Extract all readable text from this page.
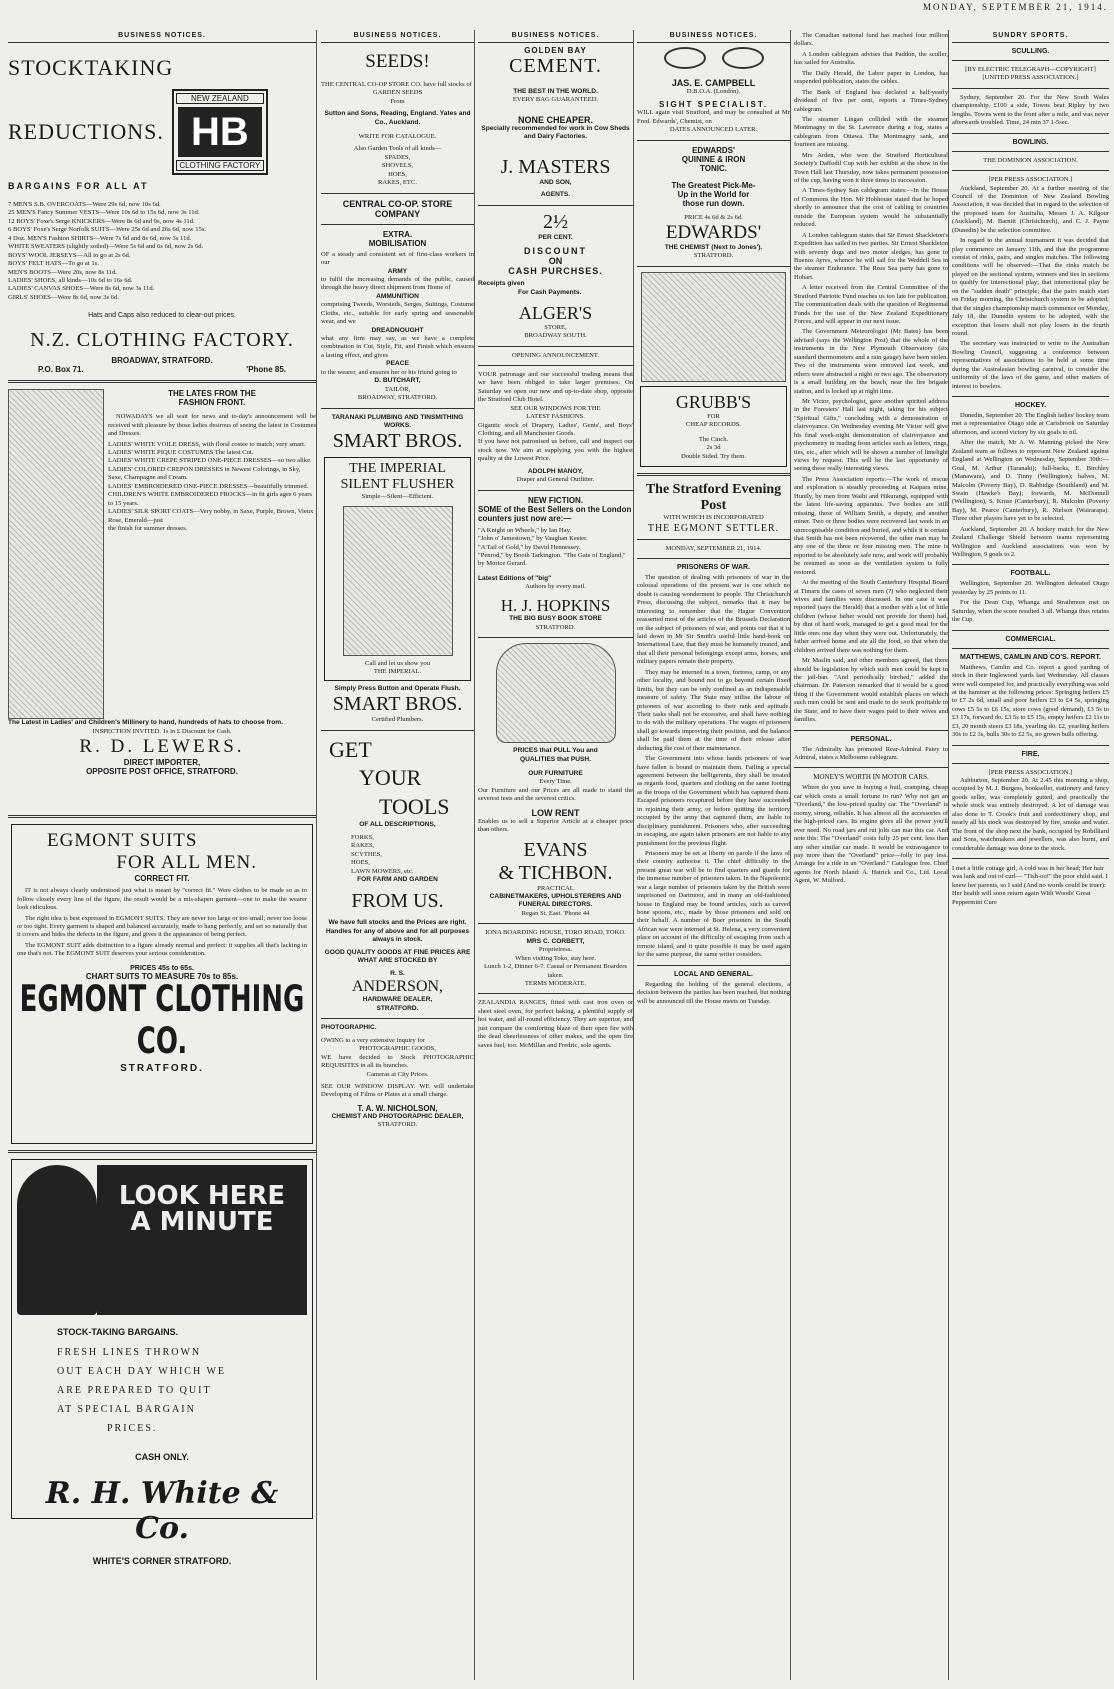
MONDAY, SEPTEMBER 21, 1914.
BUSINESS NOTICES.
STOCKTAKING
REDUCTIONS.
NEW ZEALAND
HB
CLOTHING FACTORY
BARGAINS FOR ALL AT
7 MEN'S S.B. OVERCOATS—Were 29s 6d, now 10s 6d.
25 MEN'S Fancy Summer VESTS—Were 10s 6d to 15s 6d, now 3s 11d.
12 BOYS' Foxe's Serge KNICKERS—Were 8s 6d and 9s, now 4s 11d.
6 BOYS' Foxe's Serge Norfolk SUITS—Were 25s 6d and 26s 6d, now 15s.
4 Doz. MEN'S Fashion SHIRTS—Were 7s 6d and 8s 6d, now 3s 11d.
WHITE SWEATERS (slightly soiled)—Were 5s 6d and 6s 6d, now 2s 6d.
BOYS' WOOL JERSEYS—All to go at 2s 6d.
BOYS' FELT HATS—To go at 1s.
MEN'S BOOTS—Were 20s, now 8s 11d.
LADIES' SHOES, all kinds—10s 6d to 16s 6d.
LADIES' CANVAS SHOES—Were 8s 6d, now 3s 11d.
GIRLS' SHOES—Were 8s 6d, now 3s 6d.
Hats and Caps also reduced to clear-out prices.
N.Z. CLOTHING FACTORY.
BROADWAY, STRATFORD.
P.O. Box 71.	'Phone 85.
THE LATES FROM THE
FASHION FRONT.
NOWADAYS we all wait for news and to-day's announcement will be received with pleasure by those ladies desirous of seeing the latest in Costumes and Dresses.
LADIES' WHITE VOILE DRESS, with floral costee to match; very smart.
LADIES' WHITE PIQUE COSTUMES The latest Cut.
LADIES' WHITE CREPE STRIPED ONE-PIECE DRESSES—so two alike.
LADIES' COLORED CREPON DRESSES in Newest Colorings, in Sky, Saxe, Champagne and Cream.
LADIES' EMBROIDERED ONE-PIECE DRESSES—beautifully trimmed.
CHILDREN'S WHITE EMBROIDERED FROCKS—in fit girls ages 6 years to 15 years.
LADIES' SILK SPORT COATS—Very nobby, in Saxe, Purple, Brown, Vieux Rose, Emerald—just
the finish for summer dresses.
The Latest in Ladies' and Children's Millinery to hand, hundreds of hats to choose from.
INSPECTION INVITED. 1s in £ Discount for Cash.
R. D. LEWERS.
DIRECT IMPORTER,
OPPOSITE POST OFFICE, STRATFORD.
EGMONT SUITS
FOR ALL MEN.
CORRECT FIT.
IT is not always clearly understood just what is meant by "correct fit." Were clothes to be made so as to follow closely every line of the figure, the result would be a mis-shapen garment—one to make the wearer look ridiculous.
The right idea is best expressed in EGMONT SUITS. They are never too large or too small; never too loose or too tight. Every garment is shaped and balanced accurately, made to hang perfectly, and set so naturally that it covers and hides the defects in the figure, and gives it the appearance of being perfect.
The EGMONT SUIT adds distinction to a figure already normal and perfect: it supplies all that's lacking in one that's not. The EGMONT SUIT deserves your serious consideration.
PRICES 45s to 65s.
CHART SUITS TO MEASURE 70s to 85s.
EGMONT CLOTHING CO.
STRATFORD.
LOOK HERE
A MINUTE
STOCK-TAKING BARGAINS.
FRESH LINES THROWN
OUT EACH DAY WHICH WE
ARE PREPARED TO QUIT
AT SPECIAL BARGAIN
PRICES.
CASH ONLY.
R. H. White & Co.
WHITE'S CORNER STRATFORD.
BUSINESS NOTICES.
SEEDS!
THE CENTRAL CO-OP STORE CO. have full stocks of
GARDEN SEEDS
From
Sutton and Sons, Reading, England. Yates and Co., Auckland.
WRITE FOR CATALOGUE.
Also Garden Tools of all kinds—
SPADES,
SHOVELS,
HOES,
RAKES, ETC.
CENTRAL CO-OP. STORE
COMPANY
EXTRA.
MOBILISATION
OF a steady and consistent set of first-class workers in our
ARMY
to fulfil the increasing demands of the public, caused through the heavy direct shipment from Home of
AMMUNITION
comprising Tweeds, Worsteds, Serges, Suitings, Costume Cloths, etc., suitable for early spring and seasonable wear, and we
DREADNOUGHT
what any firm may say, as we have a complete combination in Cut, Style, Fit, and Finish which ensures a lasting effect, and gives
PEACE
to the wearer, and ensures her or his friend going to
D. BUTCHART,
TAILOR,
BROADWAY, STRATFORD.
TARANAKI PLUMBING AND TINSMITHING WORKS.
SMART BROS.
THE IMPERIAL
SILENT FLUSHER
Simple—Silent—Efficient.
Call and let us show you
THE IMPERIAL.
Simply Press Button and Operate Flush.
SMART BROS.
Certified Plumbers.
GET
YOUR
TOOLS
OF ALL DESCRIPTIONS,
FORKS,
RAKES,
SCYTHES,
HOES,
LAWN MOWERS, etc.
FOR FARM AND GARDEN
FROM US.
We have full stocks and the Prices are right. Handles for any of above and for all purposes always in stock.
GOOD QUALITY GOODS AT FINE PRICES ARE WHAT ARE STOCKED BY
R. S.
ANDERSON,
HARDWARE DEALER,
STRATFORD.
PHOTOGRAPHIC.
OWING to a very extensive inquiry for
PHOTOGRAPHIC GOODS,
WE have decided to Stock PHOTOGRAPHIC REQUISITES in all its branches.
Cameras at City Prices.
SEE OUR WINDOW DISPLAY. WE will undertake Developing of Films or Plates at a small charge.
T. A. W. NICHOLSON,
CHEMIST AND PHOTOGRAPHIC DEALER,
STRATFORD.
BUSINESS NOTICES.
GOLDEN BAY
CEMENT.
THE BEST IN THE WORLD.
EVERY BAG GUARANTEED.
NONE CHEAPER.
Specially recommended for work in Cow Sheds and Dairy Factories.
J. MASTERS
AND SON,
AGENTS.
2½
PER CENT.
DISCOUNT
ON
CASH PURCHSES.
Receipts given
For Cash Payments.
ALGER'S
STORE,
BROADWAY SOUTH.
OPENING ANNOUNCEMENT.
YOUR patronage and our successful trading means that we have been obliged to take larger premises. On Saturday we open our new and up-to-date shop, opposite the Stratford Club Hotel.
SEE OUR WINDOWS FOR THE
LATEST FASHIONS.
Gigantic stock of Drapery, Ladies', Gents', and Boys' Clothing, and all Manchester Goods.
If you have not patronised us before, call and inspect our stock now. We aim at supplying you with the highest quality at the Lowest Price.
ADOLPH MANOY,
Draper and General Outfitter.
NEW FICTION.
SOME of the Best Sellers on the London counters just now are:—
"A Knight on Wheels," by Ian Hay.
"John o' Jamestown," by Vaughan Kester.
"A Tail of Gold," by David Hennessey.
"Penrod," by Booth Tarkington. "The Gate of England," by Morice Gerard.
Latest Editions of "big"
Authors by every mail.
H. J. HOPKINS
THE BIG BUSY BOOK STORE
STRATFORD.
PRICES that PULL You and
QUALITIES that PUSH.
OUR FURNITURE
Every Time.
Our Furniture and our Prices are all made to stand the severest tests and the severest critics.
LOW RENT
Enables us to sell a Superior Article at a cheaper price than others.
EVANS
& TICHBON.
PRACTICAL
CABINETMAKERS, UPHOLSTERERS AND FUNERAL DIRECTORS.
Regan St. East. 'Phone 44
IONA BOARDING HOUSE, TORO ROAD, TOKO.
MRS C. CORBETT,
Proprietress.
When visiting Toko, stay here.
Lunch 1-2, Dinner 6-7. Casual or Permanent Boarders taken.
TERMS MODERATE.
ZEALANDIA RANGES, fitted with cast iron oven or sheet steel oven, for perfect baking, a plentiful supply of hot water, and all-round efficiency. They are superior, and just compare the comforting blaze of their open fire with the dead cheerlessness of other makes, and the open fire saves fuel, too. McMillan and Fredric, sole agents.
BUSINESS NOTICES.
JAS. E. CAMPBELL
D.B.O.A. (London).
SIGHT SPECIALIST.
WILL again visit Stratford, and may be consulted at Mr Fred. Edwards', Chemist, on
DATES ANNOUNCED LATER.
EDWARDS'
QUININE & IRON
TONIC.
The Greatest Pick-Me-
Up in the World for
those run down.
PRICE 4s 6d & 2s 6d.
EDWARDS'
THE CHEMIST (Next to Jones').
STRATFORD.
GRUBB'S
FOR
CHEAP RECORDS.
The Cinch.
2s 3d
Double Sided. Try them.
The Stratford Evening Post
WITH WHICH IS INCORPORATED
THE EGMONT SETTLER.
MONDAY, SEPTEMBER 21, 1914.
PRISONERS OF WAR.
The question of dealing with prisoners of war in the colossal operations of the present war is one which no doubt is causing wonderment to people. The Christchurch Press, discussing the subject, remarks that it may be interesting to remember that the Hague Convention reasserted most of the articles of the Brussels Declaration on the subject of prisoners of war, and points out that it is laid down in Mr Sir Smith's useful little hand-book on International Law, that they must be humanely treated, and that all their personal belongings except arms, horses, and military papers remain their property.
They may be interned in a town, fortress, camp, or any other locality, and bound not to go beyond certain fixed limits, but they can be only confined as an indispensable measure of safety. The State may utilise the labour of prisoners of war according to their rank and aptitude. Their tasks shall not be excessive, and shall have nothing to do with the military operations. The wages of prisoners shall go towards improving their position, and the balance shall be paid them at the time of their release after deducting the cost of their maintenance.
The Government into whose hands prisoners of war have fallen is bound to maintain them. Failing a special agreement between the belligerents, they shall be treated as regards food, quarters and clothing on the same footing as the troops of the Government which has captured them. Escaped prisoners recaptured before they have succeeded in rejoining their army, or before quitting the territory occupied by the army that captured them, are liable to disciplinary punishment. Prisoners who, after succeeding in escaping, are again taken prisoners are not liable to any punishment for the previous flight.
Prisoners may be set at liberty on parole if the laws of their country authorise it. The chief difficulty in the present great war will be to find quarters and guards for the immense number of prisoners taken. In the Napoleonic war a large number of prisoners taken by the British were imprisoned on Dartmoor, and in many an old-fashioned house in England may be found articles, such as carved bone spoons, etc., made by those prisoners and sold on their behalf. A number of Boer prisoners in the South African war were interned at St. Helena, a very convenient place on account of the difficulty of escaping from such a remote island, and it quite possible it may be used again for the same purpose, the same writer considers.
LOCAL AND GENERAL.
Regarding the holding of the general elections, a decision between the parties has been reached, but nothing will be announced till the House meets on Tuesday.
The Canadian national fund has reached four million dollars.
A London cablegram advises that Paddon, the sculler, has sailed for Australia.
The Daily Herald, the Labor paper in London, has suspended publication, states the cables.
The Bank of England has declared a half-yearly dividend of five per cent, reports a Times-Sydney cablegram.
The steamer Lingan collided with the steamer Montmagny in the St. Lawrence during a fog, states a cablegram from Ottawa. The Montmagny sank, and fourteen are missing.
Mrs Arden, who won the Stratford Horticultural Society's Daffodil Cup with her exhibit at the show in the Town Hall last Thursday, now takes permanent possession of the cup, having won it three times in succession.
A Times-Sydney Sun cablegram states:—In the House of Commons the Hon. Mr Hobhouse stated that he hoped shortly to announce that the cost of cabling to countries outside the European system would be substantially reduced.
A London cablegram states that Sir Ernest Shackleton's Expedition has sailed in two parties. Sir Ernest Shackleton with seventy dogs and two motor sledges, has gone to Buenos Ayres, whence he will sail for the Weddell Sea in the steamer Endurance. The Ross Sea party has gone to Hobart.
A letter received from the Central Committee of the Stratford Patriotic Fund reaches us too late for publication. The communication deals with the question of Regimental Funds for the use of the New Zealand Expeditionary Forces, and will appear in our next issue.
The Government Meteorologist (Mr Bates) has been advised (says the Wellington Post) that the whole of the instruments in the New Plymouth Observatory (six standard thermometers and a rain gauge) have been stolen. Two of the instruments were removed last week, and others were abstracted a night or two ago. The observatory is a small building on the beach, near the fire brigade station, and is locked up at night time.
Mr Victor, psychologist, gave another spirited address in the Foresters' Hall last night, taking for his subject "Spiritual Gifts," concluding with a demonstration of clairvoyance. On Wednesday evening Mr Victor will give his final week-night demonstration of clairvoyance and psychometry in reading from articles such as letters, rings, ties, etc., after which will be shown a number of limelight views by request. This will be the last opportunity of seeing these really interesting views.
The Press Association reports:—The work of rescue and exploration is steadily proceeding at Kaipara mine, Huntly, by men from Waihi and Hikurangi, equipped with the latest life-saving apparatus. Two bodies are still missing, those of William Smith, a deputy, and another miner. Two or three bodies were recovered last week in an unrecognisable condition and buried, and while it is certain that Smith has not been recovered, the other man may be any one of the three or four missing men. The mine is reported to be absolutely safe now, and work will probably be resumed as soon as the ventilation system is fully restored.
At the meeting of the South Canterbury Hospital Board at Timaru the cases of seven men (?) who neglected their wives and families were discussed. In one case it was reported (says the Herald) that a mother with a lot of little children (whose father would not provide for them) had, by dint of hard work, managed to get a good meal for the little ones one day when they were out. Unfortunately, the father arrived home and ate all the food, so that when the children arrived there was nothing for them.
Mr Maslin said, and other members agreed, that there should be legislation by which such men could be kept in the jail-ban. "And periodically birched," added the chairman. Dr. Paterson remarked that it would be a good thing if the Government would establish places on which such men could be sent and made to do work profitable to the State, and to have their wages paid to their wives and families.
PERSONAL.
The Admiralty has promoted Rear-Admiral Patey to Admiral, states a Melbourne cablegram.
MONEY'S WORTH IN MOTOR CARS.
Where do you save in buying a frail, cramping, cheap car which costs a small fortune to run? Why not get an "Overland," the low-priced quality car. The "Overland" is roomy, strong, reliable. It has almost all the accessories of the high-priced cars. Its engine gives all the power you'll ever need. No road jars and rut jolts can mar this car. And note this: The "Overland" costs fully 25 per cent. less than any other similar car made. It would be extravagance to pay more than the "Overland" price—folly to pay less. Arrange for a ride in an "Overland." Catalogue free. Chief agents for North Island: A. Hatrick and Co., Ltd. Local Agent, W. Mulford.
SUNDRY SPORTS.
SCULLING.
[BY ELECTRIC TELEGRAPH—COPYRIGHT]
[UNITED PRESS ASSOCIATION.]
Sydney, September 20. For the New South Wales championship, £100 a side, Towns beat Ripley by two lengths. Towns went to the front after a mile, and was never afterwards troubled. Time, 24 min 37 1-5sec.
BOWLING.
THE DOMINION ASSOCIATION.
[PER PRESS ASSOCIATION.]
Auckland, September 20. At a further meeting of the Council of the Dominion of New Zealand Bowling Association, it was decided that in regard to the selection of the proposed team for Australia, Messrs J. A. Kilgour (Auckland), M. Barnitt (Christchurch), and C. J. Payne (Dunedin) be the selection committee.
In regard to the annual tournament it was decided that play commence on January 11th, and that the programme consist of rinks, pairs, and singles matches. The following conditions will be observed:—That the rinks match be played on the sectional system, winners and ties in sections to qualify for interectional play; that interectional play be on the "sudden death" principle; that the pairs match start on Friday morning, the Christchurch system to be adopted; that the singles championship match commence on Monday, July 18, the Dunedin system to be adopted, with the exception that losers shall not play losers in the fourth round.
The secretary was instructed to write to the Australian Bowling Council, suggesting a conference between representatives of associations to be held at some time during the Australasian bowling carnival, to consider the uniformity of the laws of the game, and other matters of interest to bowlers.
HOCKEY.
Dunedin, September 20. The English ladies' hockey team met a representative Otago side at Carisbrook on Saturday afternoon, and scored victory by six goals to nil.
After the match, Mr A. W. Manning picked the New Zealand team as follows to represent New Zealand against England at Wellington on Wednesday, September 30th:—Goal, M. Arthur (Taranaki); full-backs, E. Birchley (Manawatu), and D. Tinny (Wellington); halves, M. Malcolm (Poverty Bay), D. Rabbidge (Southland) and M. Swain (Hawke's Bay); forwards, M. McDonnell (Wellington), S. Kruse (Canterbury), R. Malcolm (Poverty Bay), M. Pearce (Canterbury), R. Nielson (Wairarapa). Three other players have yet to be selected.
Auckland, September 20. A hockey match for the New Zealand Challenge Shield between teams representing Wellington and Auckland associations was won by Wellington, 9 goals to 2.
FOOTBALL.
Wellington, September 20. Wellington defeated Otago yesterday by 25 points to 11.
For the Dean Cup, Whanga and Strathmore met on Saturday, when the score resulted 3 all. Whanga thus retains the Cup.
COMMERCIAL.
MATTHEWS, CAMLIN AND CO'S. REPORT.
Matthews, Camlin and Co. report a good yarding of stock in their Inglewood yards last Wednesday. All classes were well competed for, and practically everything was sold at the hammer at the following prices: Springing heifers £5 to £7 2s 6d, small and poor heifers £3 to £4 5s, springing cows £5 5s to £6 15s, store cows (good demand), £3 5s to £3 17s, forward do. £3 5s to £5 15s, empty heifers £2 11s to £3, 20 month steers £3 18s, yearling do. £2, yearling heifers 30s to £2 3s, bulls 30s to £2 5s, no grown bulls offering.
FIRE.
[PER PRESS ASSOCIATION.]
Ashburton, September 20. At 2.45 this morning a shop, occupied by M. J. Burgess, bookseller, stationery and fancy goods seller, was completely gutted, and practically the whole stock was entirely destroyed. A lot of damage was also done to T. Crook's fruit and confectionery shop, and nearly all his stock was destroyed by fire, smoke and water. The front of the shop next the bank, occupied by Robilliard and Sons, watchmakers and jewellers, was also burnt, and considerable damage was done to the stock.
I met a little cottage girl, A cold was in her head; Her hair was lank and out of curl— "Tish-oo!" the poor child said. I knew her parents, so I said (And no words could be truer): Her health will soon return again With Woods' Great Peppermint Cure
